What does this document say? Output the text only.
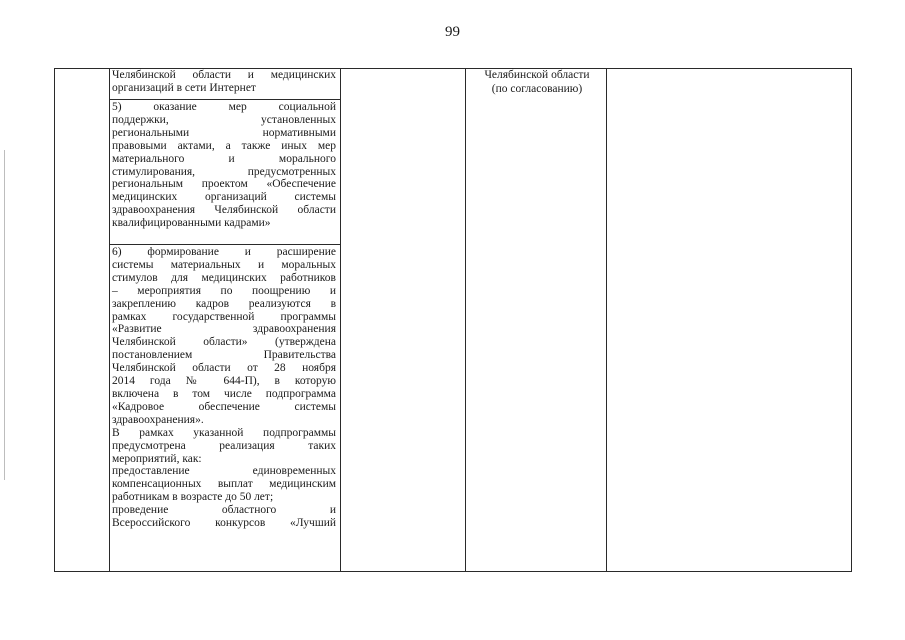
99
Челябинской области и медицинских
организаций в сети Интернет
5) оказание мер социальной
поддержки, установленных
региональными нормативными
правовыми актами, а также иных мер
материального и морального
стимулирования, предусмотренных
региональным проектом «Обеспечение
медицинских организаций системы
здравоохранения Челябинской области
квалифицированными кадрами»
6) формирование и расширение
системы материальных и моральных
стимулов для медицинских работников
– мероприятия по поощрению и
закреплению кадров реализуются в
рамках государственной программы
«Развитие здравоохранения
Челябинской области» (утверждена
постановлением Правительства
Челябинской области от 28 ноября
2014 года № 644-П), в которую
включена в том числе подпрограмма
«Кадровое обеспечение системы
здравоохранения».
В рамках указанной подпрограммы
предусмотрена реализация таких
мероприятий, как:
предоставление единовременных
компенсационных выплат медицинским
работникам в возрасте до 50 лет;
проведение областного и
Всероссийского конкурсов «Лучший
Челябинской области
(по согласованию)
